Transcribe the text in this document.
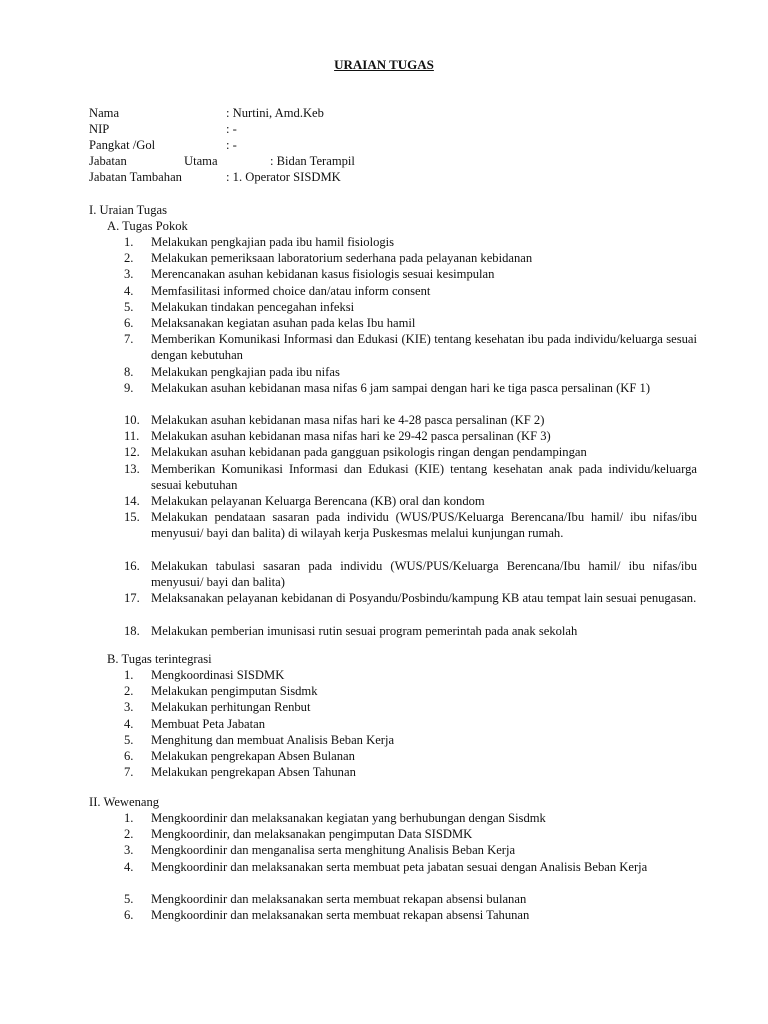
URAIAN TUGAS
Nama	: Nurtini, Amd.Keb
NIP	: -
Pangkat /Gol	: -
Jabatan	Utama	: Bidan Terampil
Jabatan Tambahan	: 1. Operator SISDMK
I. Uraian Tugas
A. Tugas Pokok
1. Melakukan pengkajian pada ibu hamil fisiologis
2. Melakukan pemeriksaan laboratorium sederhana pada pelayanan kebidanan
3. Merencanakan asuhan kebidanan kasus fisiologis sesuai kesimpulan
4. Memfasilitasi informed choice dan/atau inform consent
5. Melakukan tindakan pencegahan infeksi
6. Melaksanakan kegiatan asuhan pada kelas Ibu hamil
7. Memberikan Komunikasi Informasi dan Edukasi (KIE) tentang kesehatan ibu pada individu/keluarga sesuai dengan kebutuhan
8. Melakukan pengkajian pada ibu nifas
9. Melakukan asuhan kebidanan masa nifas 6 jam sampai dengan hari ke tiga pasca persalinan (KF 1)
10. Melakukan asuhan kebidanan masa nifas hari ke 4-28 pasca persalinan (KF 2)
11. Melakukan asuhan kebidanan masa nifas hari ke 29-42 pasca persalinan (KF 3)
12. Melakukan asuhan kebidanan pada gangguan psikologis ringan dengan pendampingan
13. Memberikan Komunikasi Informasi dan Edukasi (KIE) tentang kesehatan anak pada individu/keluarga sesuai kebutuhan
14. Melakukan pelayanan Keluarga Berencana (KB) oral dan kondom
15. Melakukan pendataan sasaran pada individu (WUS/PUS/Keluarga Berencana/Ibu hamil/ ibu nifas/ibu menyusui/ bayi dan balita) di wilayah kerja Puskesmas melalui kunjungan rumah.
16. Melakukan tabulasi sasaran pada individu (WUS/PUS/Keluarga Berencana/Ibu hamil/ ibu nifas/ibu menyusui/ bayi dan balita)
17. Melaksanakan pelayanan kebidanan di Posyandu/Posbindu/kampung KB atau tempat lain sesuai penugasan.
18. Melakukan pemberian imunisasi rutin sesuai program pemerintah pada anak sekolah
B. Tugas terintegrasi
1. Mengkoordinasi SISDMK
2. Melakukan pengimputan Sisdmk
3. Melakukan perhitungan Renbut
4. Membuat Peta Jabatan
5. Menghitung dan membuat Analisis Beban Kerja
6. Melakukan pengrekapan Absen Bulanan
7. Melakukan pengrekapan Absen Tahunan
II. Wewenang
1. Mengkoordinir dan melaksanakan kegiatan yang berhubungan dengan Sisdmk
2. Mengkoordinir, dan melaksanakan pengimputan Data SISDMK
3. Mengkoordinir dan menganalisa serta menghitung Analisis Beban Kerja
4. Mengkoordinir dan melaksanakan serta membuat peta jabatan sesuai dengan Analisis Beban Kerja
5. Mengkoordinir dan melaksanakan serta membuat rekapan absensi bulanan
6. Mengkoordinir dan melaksanakan serta membuat rekapan absensi Tahunan
